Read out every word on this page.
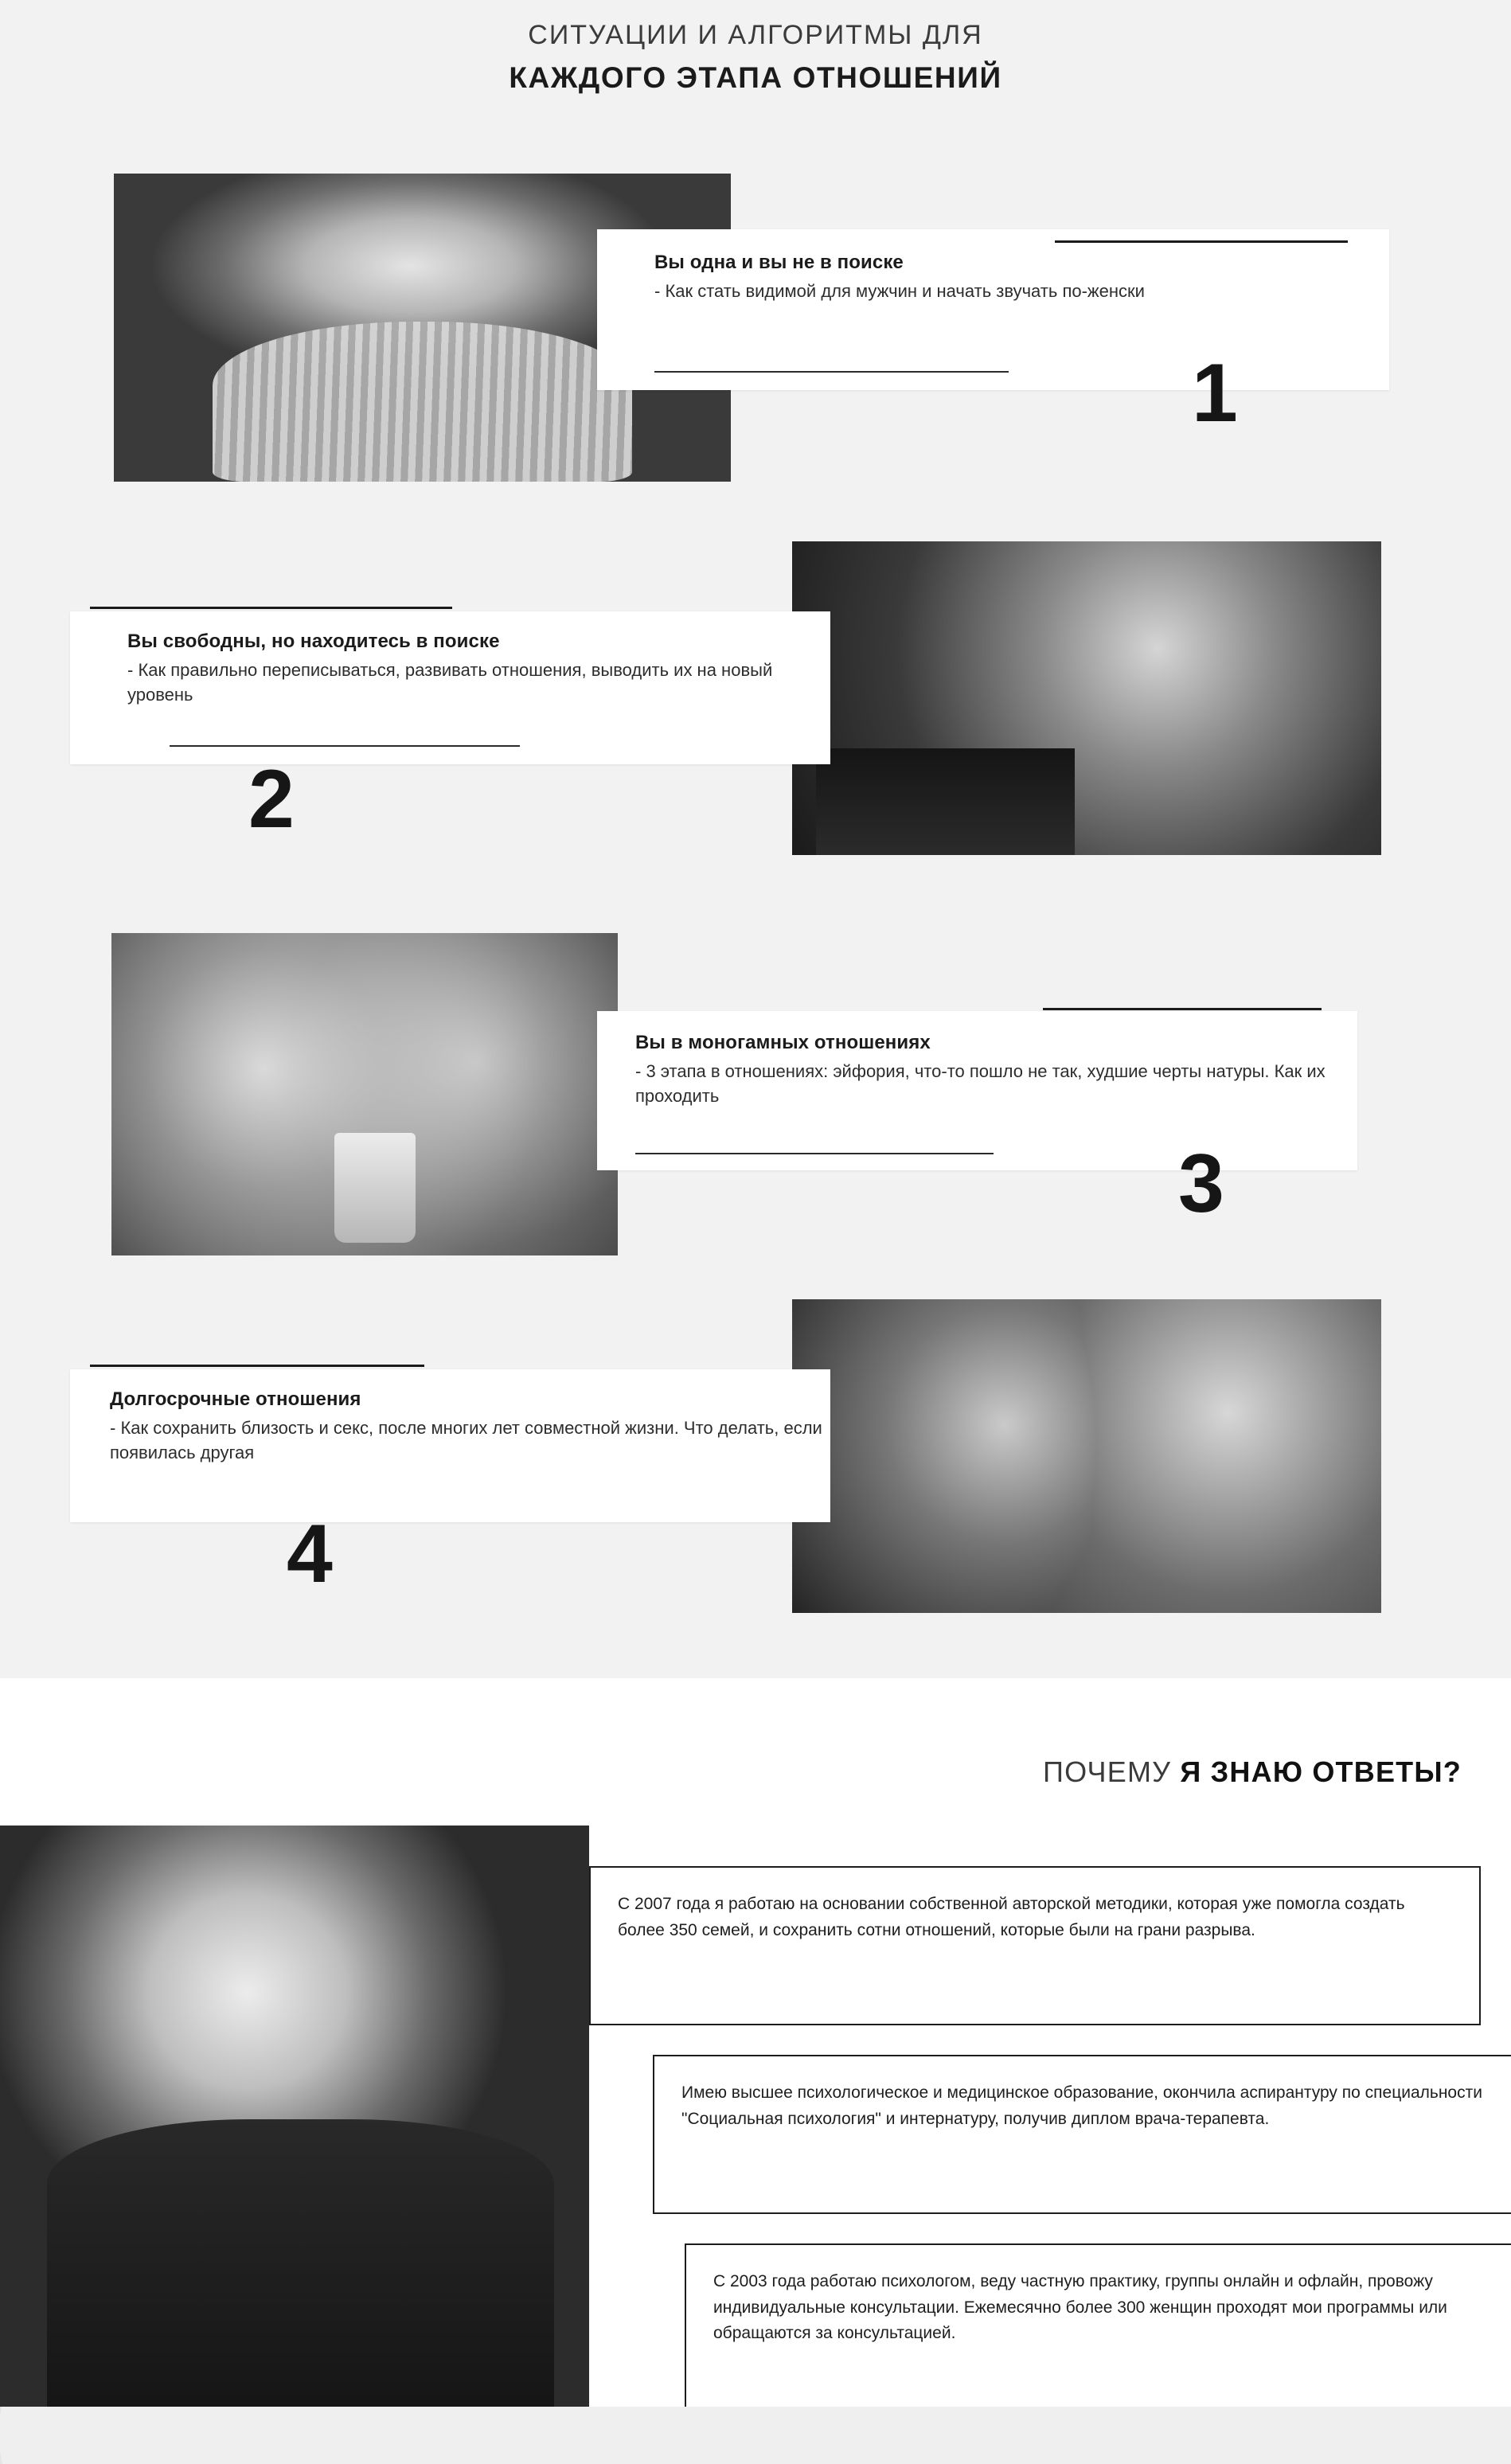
СИТУАЦИИ И АЛГОРИТМЫ ДЛЯ
КАЖДОГО ЭТАПА ОТНОШЕНИЙ
Вы одна и вы не в поиске
- Как стать видимой для мужчин и начать звучать по-женски
1
Вы свободны, но находитесь в поиске
- Как правильно переписываться, развивать отношения, выводить их на новый уровень
2
Вы в моногамных отношениях
- 3 этапа в отношениях: эйфория, что-то пошло не так, худшие черты натуры. Как их проходить
3
Долгосрочные отношения
- Как сохранить близость и секс, после многих лет совместной жизни. Что делать, если появилась другая
4
ПОЧЕМУ Я ЗНАЮ ОТВЕТЫ?

С 2007 года я работаю на основании собственной авторской методики, которая уже помогла создать более 350 семей, и сохранить сотни отношений, которые были на грани разрыва.

Имею высшее психологическое и медицинское образование, окончила аспирантуру по специальности "Социальная психология" и интернатуру, получив диплом врача-терапевта.

С 2003 года работаю психологом, веду частную практику, группы онлайн и офлайн, провожу индивидуальные консультации. Ежемесячно более 300 женщин проходят мои программы или обращаются за консультацией.
